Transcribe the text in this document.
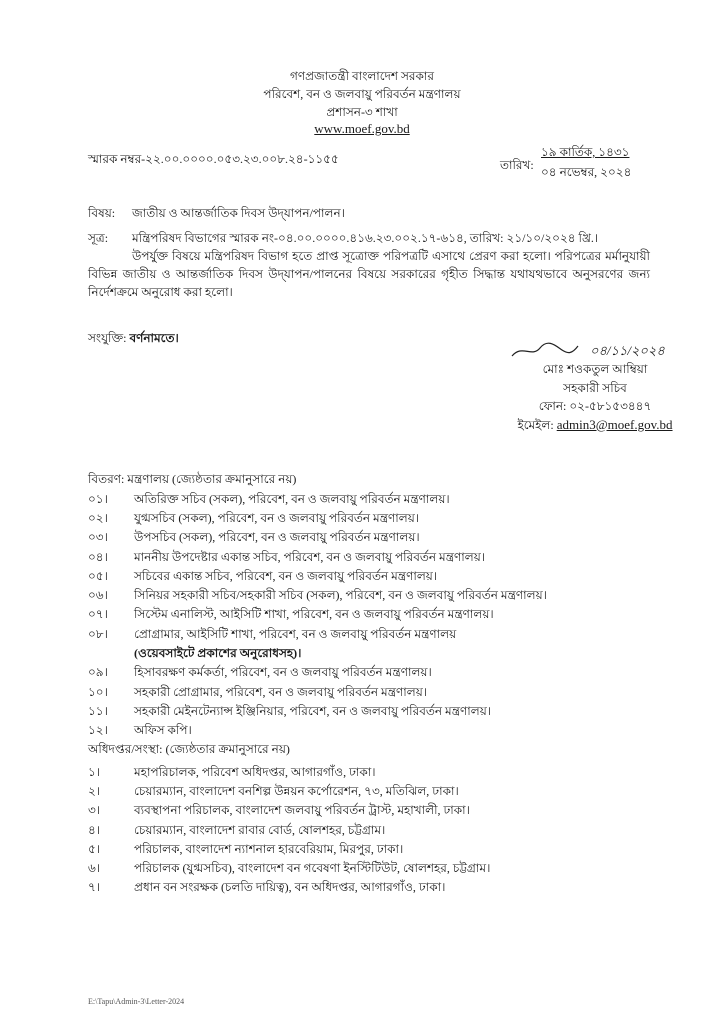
গণপ্রজাতন্ত্রী বাংলাদেশ সরকার
পরিবেশ, বন ও জলবায়ু পরিবর্তন মন্ত্রণালয়
প্রশাসন-৩ শাখা
www.moef.gov.bd
স্মারক নম্বর-২২.০০.০০০০.০৫৩.২৩.০০৮.২৪-১১৫৫	তারিখ:
১৯ কার্তিক, ১৪৩১
০৪ নভেম্বর, ২০২৪
বিষয়: জাতীয় ও আন্তর্জাতিক দিবস উদ্‌যাপন/পালন।
সূত্র: মন্ত্রিপরিষদ বিভাগের স্মারক নং-০৪.০০.০০০০.৪১৬.২৩.০০২.১৭-৬১৪, তারিখ: ২১/১০/২০২৪ খ্রি.।
উপর্যুক্ত বিষয়ে মন্ত্রিপরিষদ বিভাগ হতে প্রাপ্ত সূত্রোক্ত পরিপত্রটি এসাথে প্রেরণ করা হলো। পরিপত্রের মর্মানুযায়ী বিভিন্ন জাতীয় ও আন্তর্জাতিক দিবস উদ্‌যাপন/পালনের বিষয়ে সরকারের গৃহীত সিদ্ধান্ত যথাযথভাবে অনুসরণের জন্য নির্দেশক্রমে অনুরোধ করা হলো।
সংযুক্তি: বর্ণনামতে।
০৪/১১/২০২৪
মোঃ শওকতুল আম্বিয়া
সহকারী সচিব
ফোন: ০২-৫৮১৫৩৪৪৭
ইমেইল: admin3@moef.gov.bd
বিতরণ: মন্ত্রণালয় (জ্যেষ্ঠতার ক্রমানুসারে নয়)
০১।	অতিরিক্ত সচিব (সকল), পরিবেশ, বন ও জলবায়ু পরিবর্তন মন্ত্রণালয়।
০২।	যুগ্মসচিব (সকল), পরিবেশ, বন ও জলবায়ু পরিবর্তন মন্ত্রণালয়।
০৩।	উপসচিব (সকল), পরিবেশ, বন ও জলবায়ু পরিবর্তন মন্ত্রণালয়।
০৪।	মাননীয় উপদেষ্টার একান্ত সচিব, পরিবেশ, বন ও জলবায়ু পরিবর্তন মন্ত্রণালয়।
০৫।	সচিবের একান্ত সচিব, পরিবেশ, বন ও জলবায়ু পরিবর্তন মন্ত্রণালয়।
০৬।	সিনিয়র সহকারী সচিব/সহকারী সচিব (সকল), পরিবেশ, বন ও জলবায়ু পরিবর্তন মন্ত্রণালয়।
০৭।	সিস্টেম এনালিস্ট, আইসিটি শাখা, পরিবেশ, বন ও জলবায়ু পরিবর্তন মন্ত্রণালয়।
০৮।	প্রোগ্রামার, আইসিটি শাখা, পরিবেশ, বন ও জলবায়ু পরিবর্তন মন্ত্রণালয়
(ওয়েবসাইটে প্রকাশের অনুরোধসহ)।
০৯।	হিসাবরক্ষণ কর্মকর্তা, পরিবেশ, বন ও জলবায়ু পরিবর্তন মন্ত্রণালয়।
১০।	সহকারী প্রোগ্রামার, পরিবেশ, বন ও জলবায়ু পরিবর্তন মন্ত্রণালয়।
১১।	সহকারী মেইনটেন্যান্স ইঞ্জিনিয়ার, পরিবেশ, বন ও জলবায়ু পরিবর্তন মন্ত্রণালয়।
১২।	অফিস কপি।
অধিদপ্তর/সংস্থা: (জ্যেষ্ঠতার ক্রমানুসারে নয়)
১।	মহাপরিচালক, পরিবেশ অধিদপ্তর, আগারগাঁও, ঢাকা।
২।	চেয়ারম্যান, বাংলাদেশ বনশিল্প উন্নয়ন কর্পোরেশন, ৭৩, মতিঝিল, ঢাকা।
৩।	ব্যবস্থাপনা পরিচালক, বাংলাদেশ জলবায়ু পরিবর্তন ট্রাস্ট, মহাখালী, ঢাকা।
৪।	চেয়ারম্যান, বাংলাদেশ রাবার বোর্ড, ষোলশহর, চট্টগ্রাম।
৫।	পরিচালক, বাংলাদেশ ন্যাশনাল হারবেরিয়াম, মিরপুর, ঢাকা।
৬।	পরিচালক (যুগ্মসচিব), বাংলাদেশ বন গবেষণা ইনস্টিটিউট, ষোলশহর, চট্টগ্রাম।
৭।	প্রধান বন সংরক্ষক (চলতি দায়িত্ব), বন অধিদপ্তর, আগারগাঁও, ঢাকা।
E:\Tapu\Admin-3\Letter-2024
